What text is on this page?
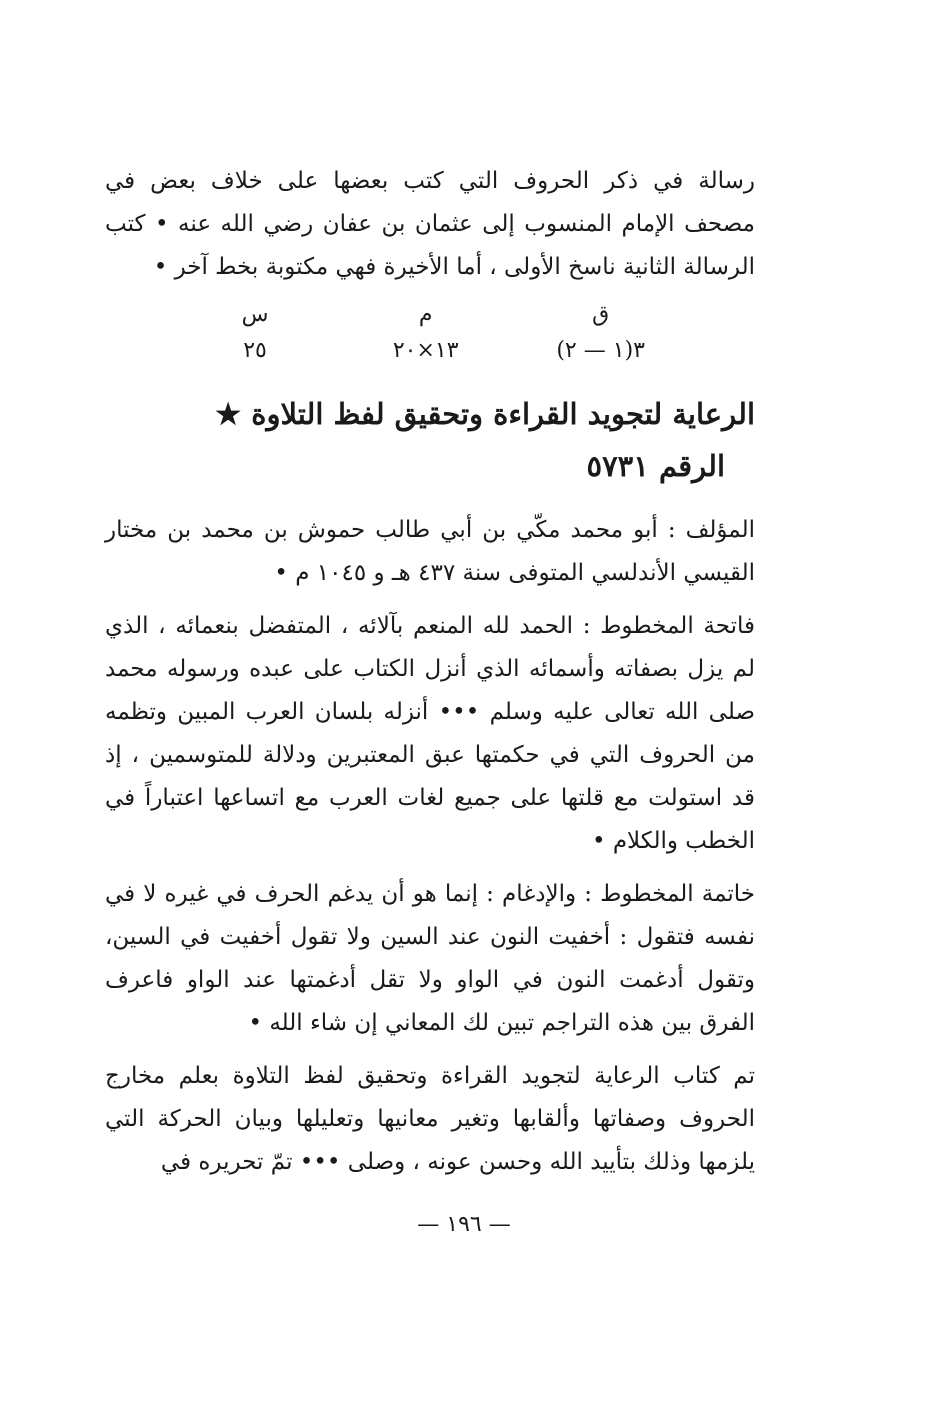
رسالة في ذكر الحروف التي كتب بعضها على خلاف بعض في مصحف الإمام المنسوب إلى عثمان بن عفان رضي الله عنه • كتب الرسالة الثانية ناسخ الأولى ، أما الأخيرة فهي مكتوبة بخط آخر •

ق
٣(١ — ٢)
م
١٣×٢٠
س
٢٥
الرعاية لتجويد القراءة وتحقيق لفظ التلاوة ★
الرقم ٥٧٣١

المؤلف : أبو محمد مكّي بن أبي طالب حموش بن محمد بن مختار القيسي الأندلسي المتوفى سنة ٤٣٧ هـ و ١٠٤٥ م •

فاتحة المخطوط : الحمد لله المنعم بآلائه ، المتفضل بنعمائه ، الذي لم يزل بصفاته وأسمائه الذي أنزل الكتاب على عبده ورسوله محمد صلى الله تعالى عليه وسلم ••• أنزله بلسان العرب المبين وتظمه من الحروف التي في حكمتها عبق المعتبرين ودلالة للمتوسمين ، إذ قد استولت مع قلتها على جميع لغات العرب مع اتساعها اعتباراً في الخطب والكلام •

خاتمة المخطوط : والإدغام : إنما هو أن يدغم الحرف في غيره لا في نفسه فتقول : أخفيت النون عند السين ولا تقول أخفيت في السين، وتقول أدغمت النون في الواو ولا تقل أدغمتها عند الواو فاعرف الفرق بين هذه التراجم تبين لك المعاني إن شاء الله •

تم كتاب الرعاية لتجويد القراءة وتحقيق لفظ التلاوة بعلم مخارج الحروف وصفاتها وألقابها وتغير معانيها وتعليلها وبيان الحركة التي يلزمها وذلك بتأييد الله وحسن عونه ، وصلى ••• تمّ تحريره في

— ١٩٦ —
